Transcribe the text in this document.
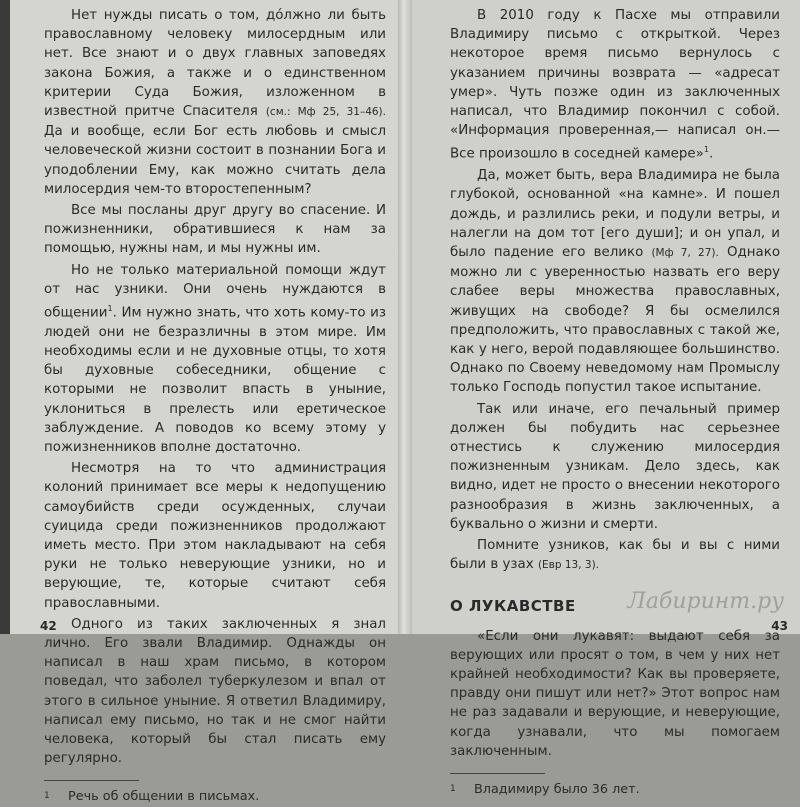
Нет нужды писать о том, до́лжно ли быть православному человеку милосердным или нет. Все знают и о двух главных заповедях закона Божия, а также и о единственном критерии Суда Божия, изложенном в известной притче Спасителя (см.: Мф 25, 31–46). Да и вообще, если Бог есть любовь и смысл человеческой жизни состоит в познании Бога и уподоблении Ему, как можно считать дела милосердия чем-то второстепенным?

Все мы посланы друг другу во спасение. И пожизненники, обратившиеся к нам за помощью, нужны нам, и мы нужны им.

Но не только материальной помощи ждут от нас узники. Они очень нуждаются в общении$^1$. Им нужно знать, что хоть кому-то из людей они не безразличны в этом мире. Им необходимы если и не духовные отцы, то хотя бы духовные собеседники, общение с которыми не позволит впасть в уныние, уклониться в прелесть или еретическое заблуждение. А поводов ко всему этому у пожизненников вполне достаточно.

Несмотря на то что администрация колоний принимает все меры к недопущению самоубийств среди осужденных, случаи суицида среди пожизненников продолжают иметь место. При этом накладывают на себя руки не только неверующие узники, но и верующие, те, которые считают себя православными.

Одного из таких заключенных я знал лично. Его звали Владимир. Однажды он написал в наш храм письмо, в котором поведал, что заболел туберкулезом и впал от этого в сильное уныние. Я ответил Владимиру, написал ему письмо, но так и не смог найти человека, который бы стал писать ему регулярно.

1	Речь об общении в письмах.
42

В 2010 году к Пасхе мы отправили Владимиру письмо с открыткой. Через некоторое время письмо вернулось с указанием причины возврата — «адресат умер». Чуть позже один из заключенных написал, что Владимир покончил с собой. «Информация проверенная,— написал он.— Все произошло в соседней камере»$^1$.

Да, может быть, вера Владимира не была глубокой, основанной «на камне». И пошел дождь, и разлились реки, и подули ветры, и налегли на дом тот [его души]; и он упал, и было падение его велико (Мф 7, 27). Однако можно ли с уверенностью назвать его веру слабее веры множества православных, живущих на свободе? Я бы осмелился предположить, что православных с такой же, как у него, верой подавляющее большинство. Однако по Своему неведомому нам Промыслу только Господь попустил такое испытание.

Так или иначе, его печальный пример должен бы побудить нас серьезнее отнестись к служению милосердия пожизненным узникам. Дело здесь, как видно, идет не просто о внесении некоторого разнообразия в жизнь заключенных, а буквально о жизни и смерти.

Помните узников, как бы и вы с ними были в узах (Евр 13, 3).

О ЛУКАВСТВЕ

«Если они лукавят: выдают себя за верующих или просят о том, в чем у них нет крайней необходимости? Как вы проверяете, правду они пишут или нет?» Этот вопрос нам не раз задавали и верующие, и неверующие, когда узнавали, что мы помогаем заключенным.

1	Владимиру было 36 лет.
43
Лабиринт.ру
